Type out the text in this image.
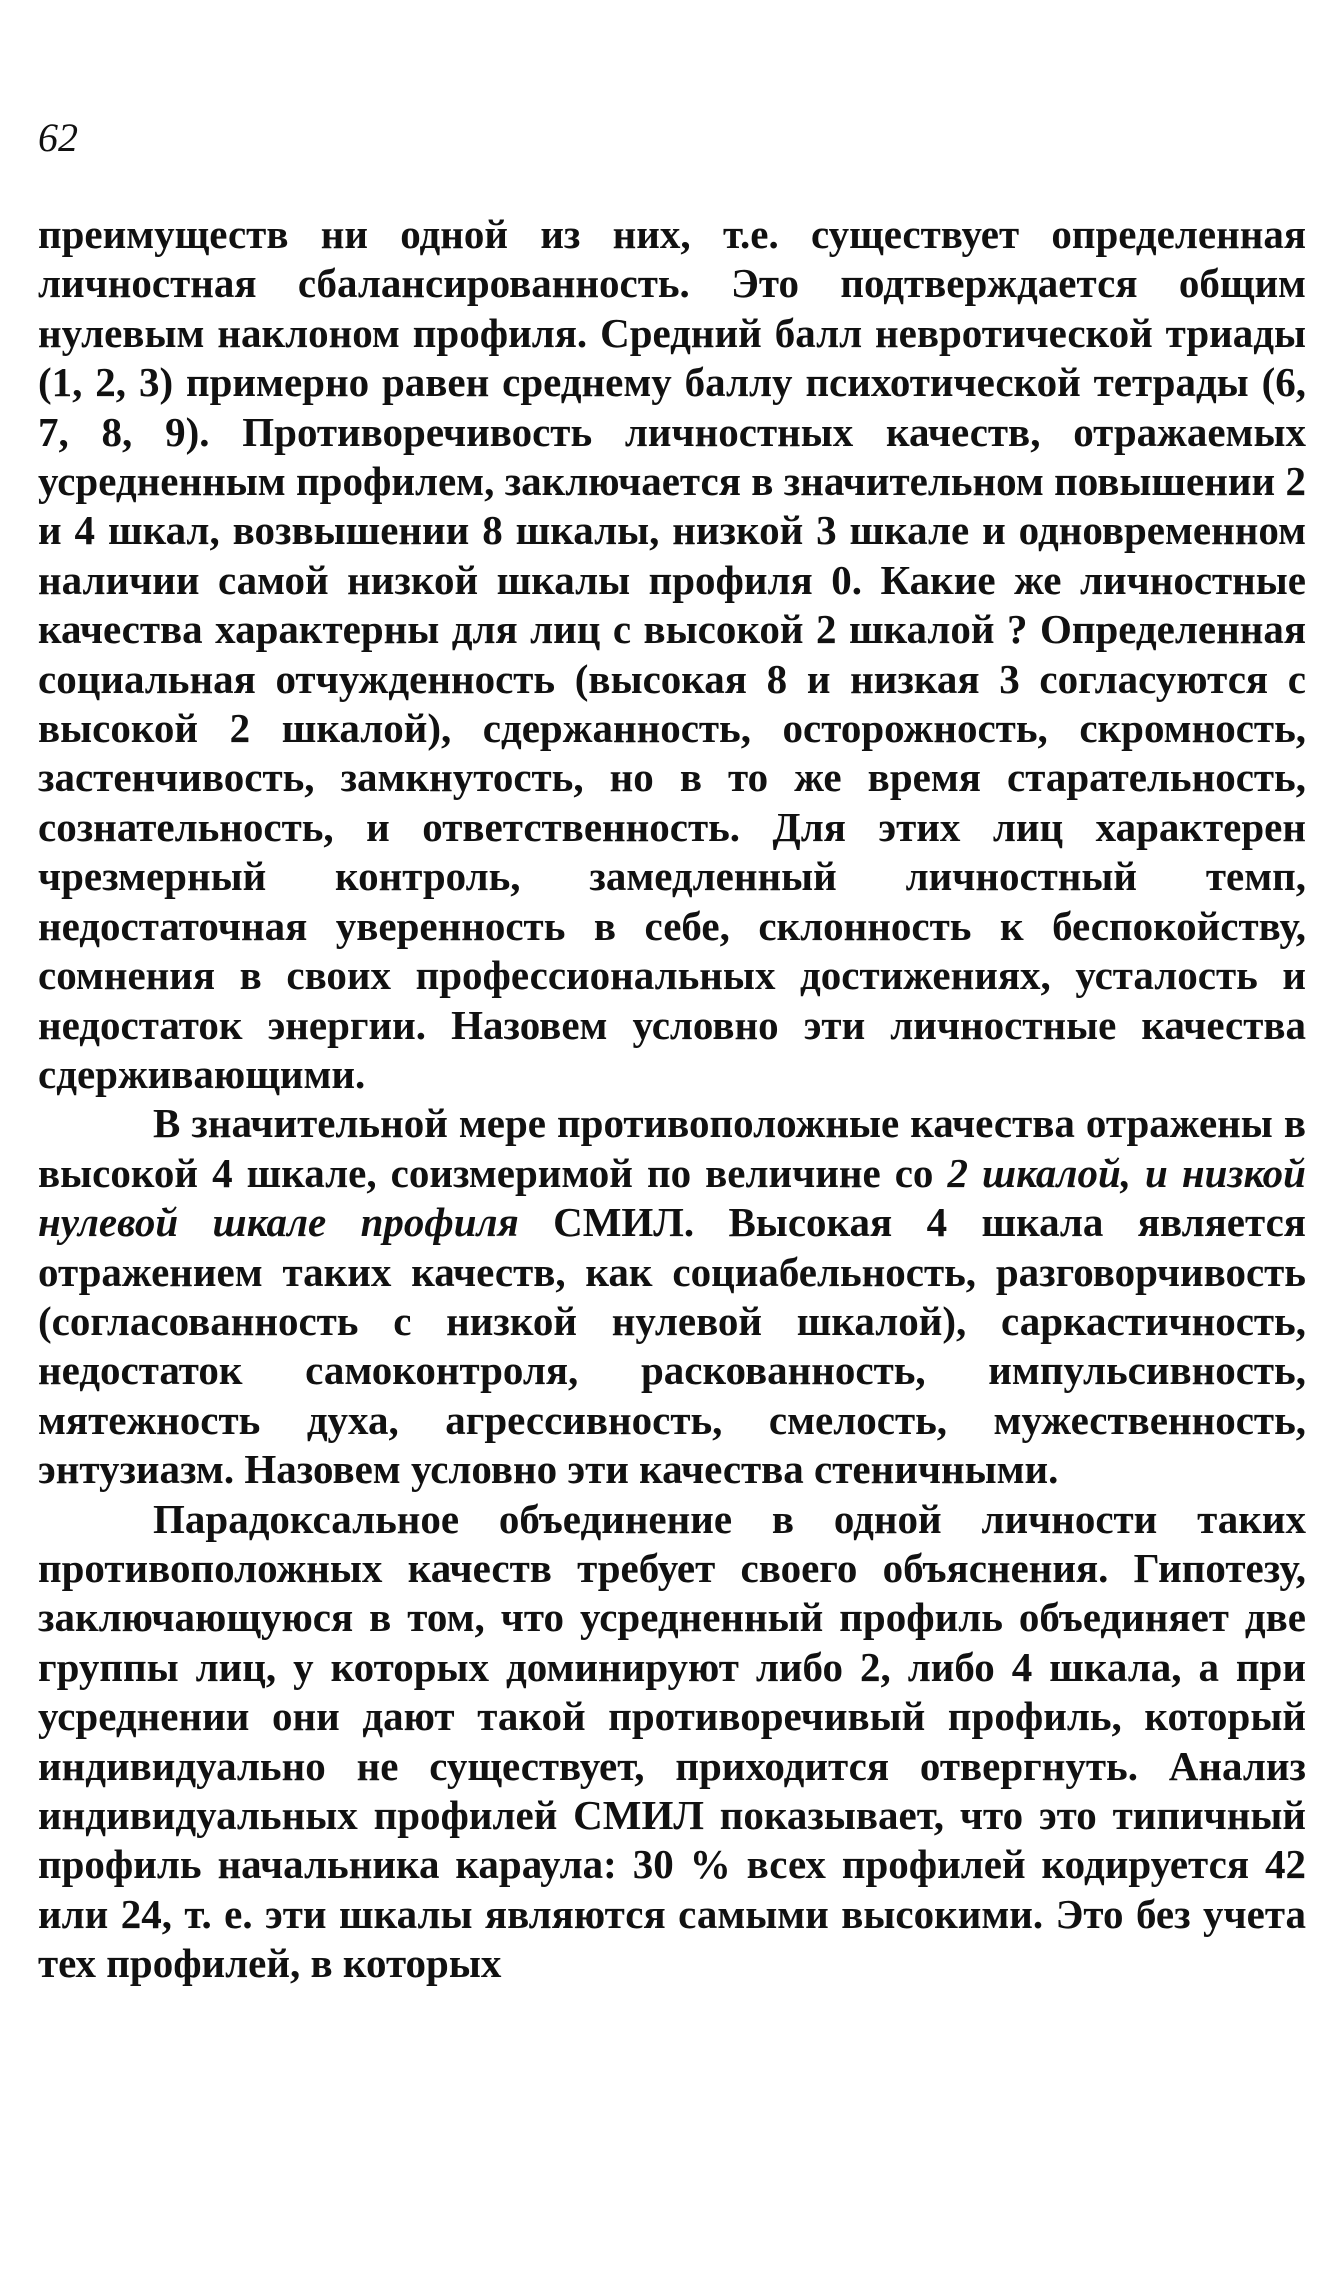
62

преимуществ ни одной из них, т.е. существует определенная личностная сбалансированность. Это подтверждается общим нулевым наклоном профиля. Средний балл невротической триады (1, 2, 3) примерно равен среднему баллу психотической тетрады (6, 7, 8, 9). Противоречивость личностных качеств, отражаемых усредненным профилем, заключается в значительном повышении 2 и 4 шкал, возвышении 8 шкалы, низкой 3 шкале и одновременном наличии самой низкой шкалы профиля 0. Какие же личностные качества характерны для лиц с высокой 2 шкалой ? Определенная социальная отчужденность (высокая 8 и низкая 3 согласуются с высокой 2 шкалой), сдержанность, осторожность, скромность, застенчивость, замкнутость, но в то же время старательность, сознательность, и ответственность. Для этих лиц характерен чрезмерный контроль, замедленный личностный темп, недостаточная уверенность в себе, склонность к беспокойству, сомнения в своих профессиональных достижениях, усталость и недостаток энергии. Назовем условно эти личностные качества сдерживающими.

В значительной мере противоположные качества отражены в высокой 4 шкале, соизмеримой по величине со 2 шкалой, и низкой нулевой шкале профиля СМИЛ. Высокая 4 шкала является отражением таких качеств, как социабельность, разговорчивость (согласованность с низкой нулевой шкалой), саркастичность, недостаток самоконтроля, раскованность, импульсивность, мятежность духа, агрессивность, смелость, мужественность, энтузиазм. Назовем условно эти качества стеничными.

Парадоксальное объединение в одной личности таких противоположных качеств требует своего объяснения. Гипотезу, заключающуюся в том, что усредненный профиль объединяет две группы лиц, у которых доминируют либо 2, либо 4 шкала, а при усреднении они дают такой противоречивый профиль, который индивидуально не существует, приходится отвергнуть. Анализ индивидуальных профилей СМИЛ показывает, что это типичный профиль начальника караула: 30 % всех профилей кодируется 42 или 24, т. е. эти шкалы являются самыми высокими. Это без учета тех профилей, в которых
